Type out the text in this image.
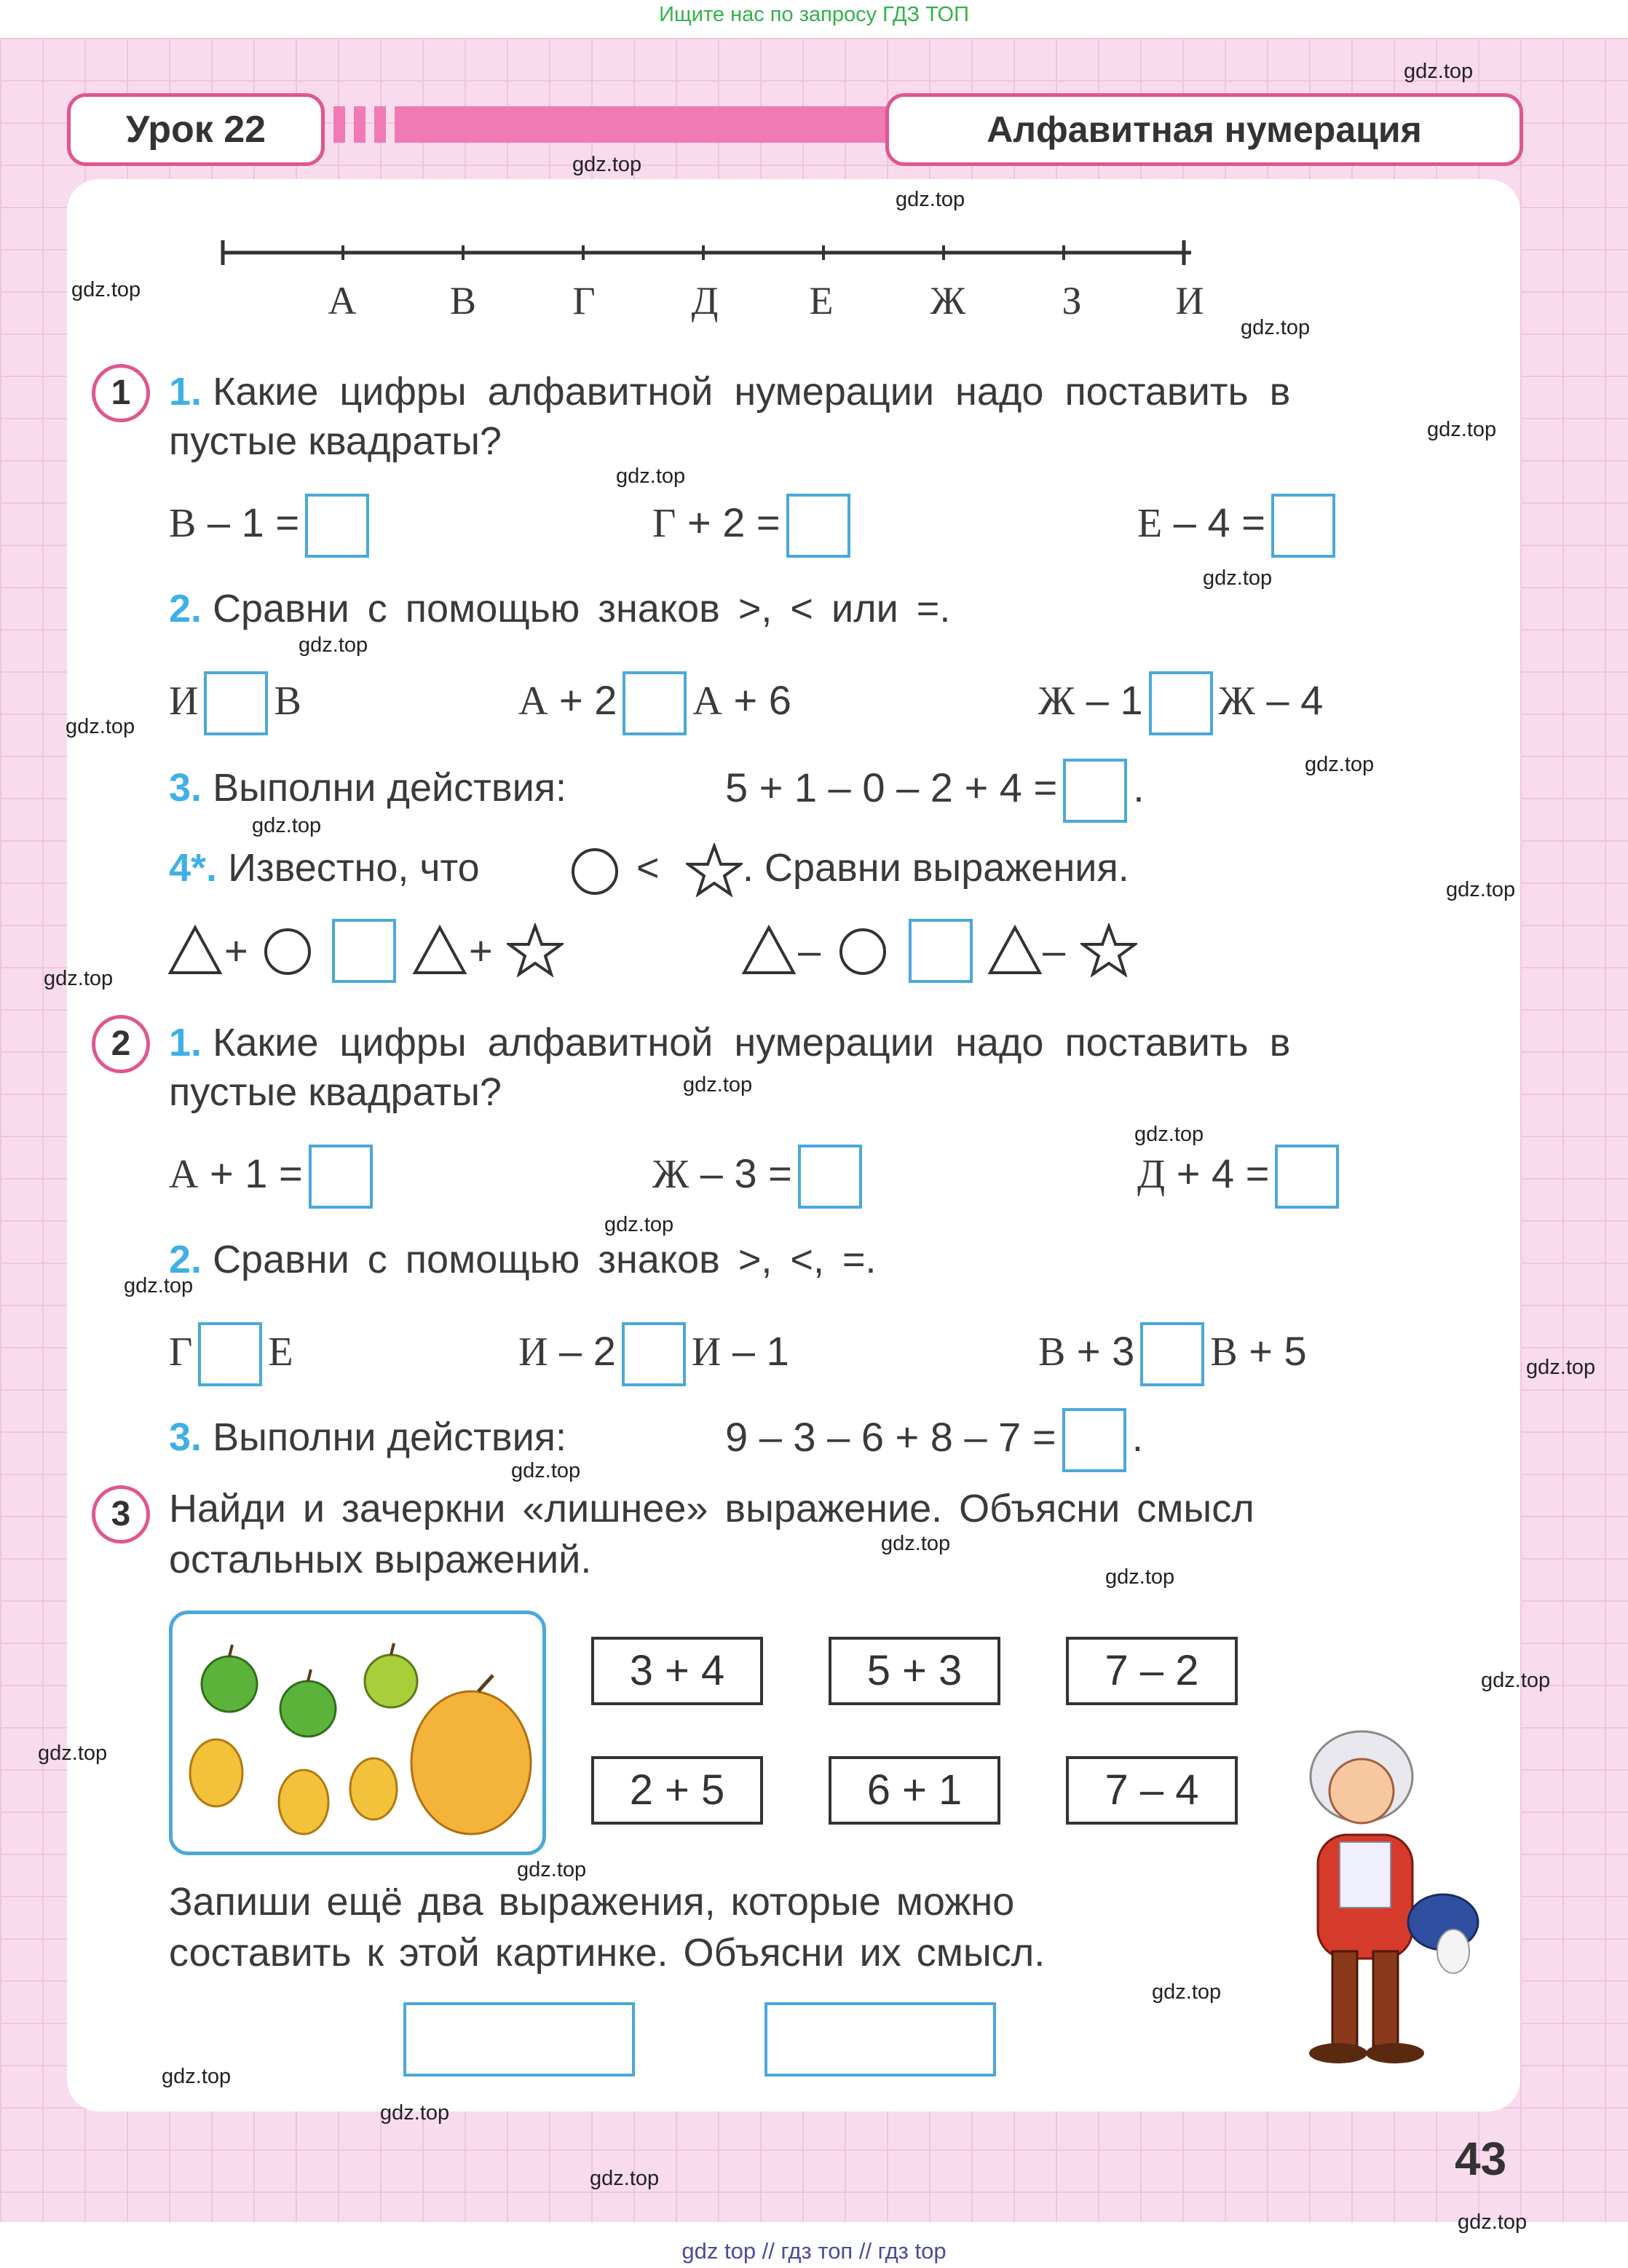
Ищите нас по запросу ГДЗ ТОП
Урок 22	Алфавитная нумерация
А	В	Г	Д	Е	Ж	З	И
1 1. Какие цифры алфавитной нумерации надо поставить в
пустые квадраты?
В – 1 =	Г + 2 =	Е – 4 =
2. Сравни с помощью знаков >, < или =.
И В	А + 2 А + 6	Ж – 1 Ж – 4
3. Выполни действия:	5 + 1 – 0 – 2 + 4 = .
4*. Известно, что	< . Сравни выражения.
+	+	–	–
2 1. Какие цифры алфавитной нумерации надо поставить в
пустые квадраты?
А + 1 =	Ж – 3 =	Д + 4 =
2. Сравни с помощью знаков >, <, =.
Г Е	И – 2 И – 1	В + 3 В + 5
3. Выполни действия:	9 – 3 – 6 + 8 – 7 = .
3 Найди и зачеркни «лишнее» выражение. Объясни смысл
остальных выражений.
3 + 4	5 + 3	7 – 2
2 + 5	6 + 1	7 – 4
Запиши ещё два выражения, которые можно
составить к этой картинке. Объясни их смысл.
43
gdz.top
gdz.top
gdz.top
gdz.top
gdz.top
gdz.top
gdz.top
gdz.top
gdz.top
gdz.top
gdz.top
gdz.top
gdz.top
gdz.top
gdz.top
gdz.top
gdz.top
gdz.top
gdz.top
gdz.top
gdz.top
gdz.top
gdz.top
gdz.top
gdz.top
gdz.top
gdz.top
gdz.top
gdz.top
gdz.top
gdz top // гдз топ // гдз top
